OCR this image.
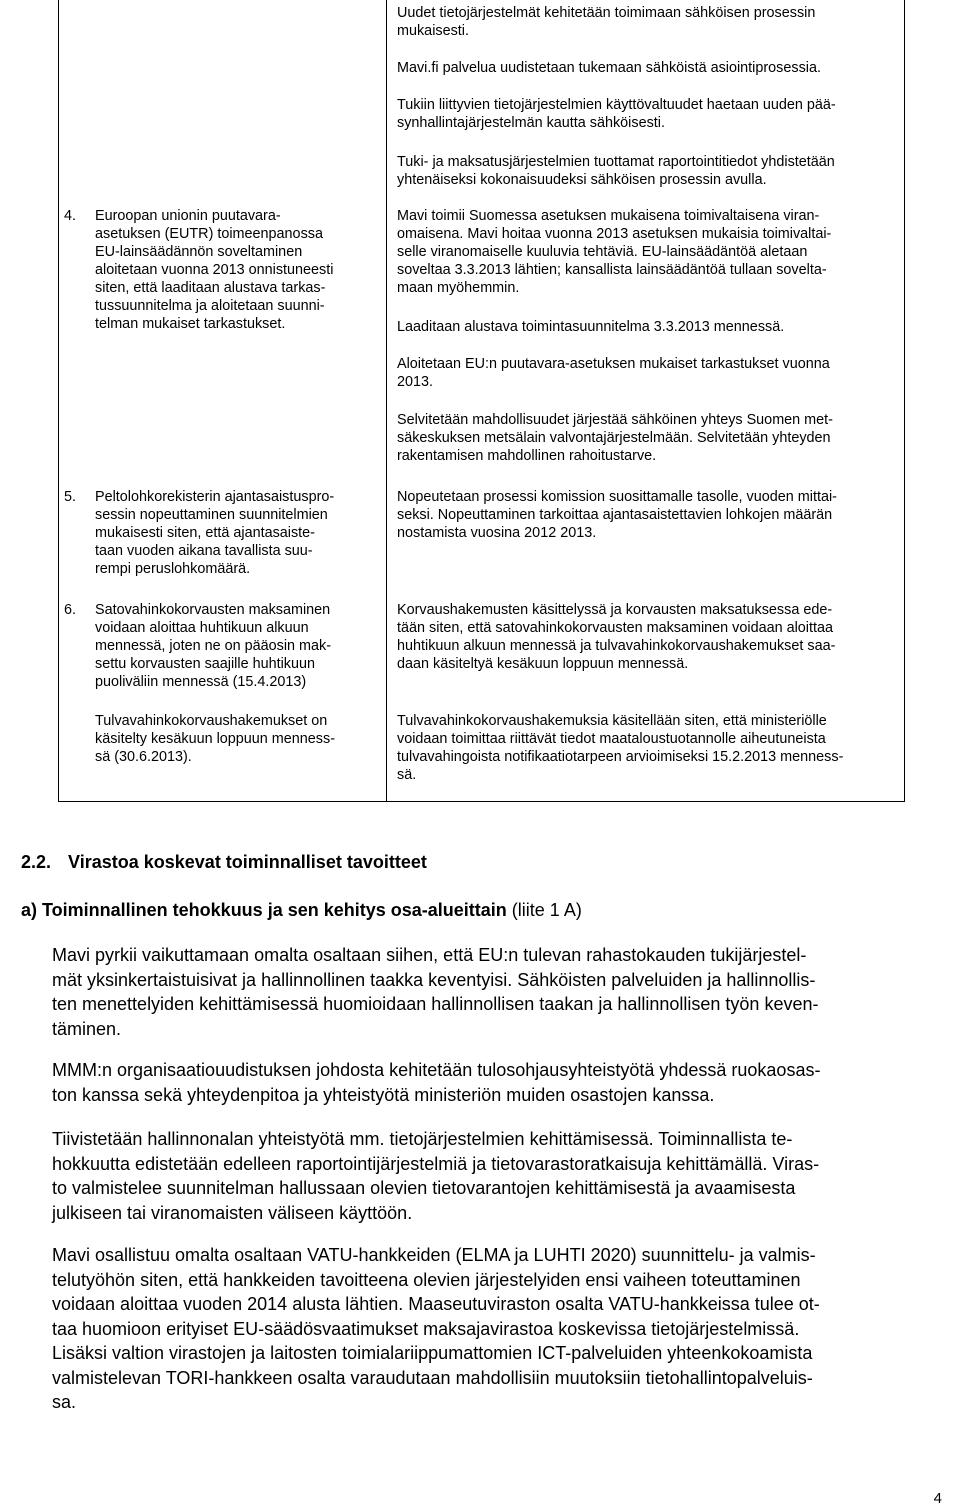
Uudet tietojärjestelmät kehitetään toimimaan sähköisen prosessin
mukaisesti.
Mavi.fi palvelua uudistetaan tukemaan sähköistä asiointiprosessia.
Tukiin liittyvien tietojärjestelmien käyttövaltuudet haetaan uuden pää-
synhallintajärjestelmän kautta sähköisesti.
Tuki- ja maksatusjärjestelmien tuottamat raportointitiedot yhdistetään
yhtenäiseksi kokonaisuudeksi sähköisen prosessin avulla.
4. Euroopan unionin puutavara-
asetuksen (EUTR) toimeenpanossa
EU-lainsäädännön soveltaminen
aloitetaan vuonna 2013 onnistuneesti
siten, että laaditaan alustava tarkas-
tussuunnitelma ja aloitetaan suunni-
telman mukaiset tarkastukset.
Mavi toimii Suomessa asetuksen mukaisena toimivaltaisena viran-
omaisena. Mavi hoitaa vuonna 2013 asetuksen mukaisia toimivaltai-
selle viranomaiselle kuuluvia tehtäviä. EU-lainsäädäntöä aletaan
soveltaa 3.3.2013 lähtien; kansallista lainsäädäntöä tullaan sovelta-
maan myöhemmin.
Laaditaan alustava toimintasuunnitelma 3.3.2013 mennessä.
Aloitetaan EU:n puutavara-asetuksen mukaiset tarkastukset vuonna
2013.
Selvitetään mahdollisuudet järjestää sähköinen yhteys Suomen met-
säkeskuksen metsälain valvontajärjestelmään. Selvitetään yhteyden
rakentamisen mahdollinen rahoitustarve.
5. Peltolohkorekisterin ajantasaistuspro-
sessin nopeuttaminen suunnitelmien
mukaisesti siten, että ajantasaiste-
taan vuoden aikana tavallista suu-
rempi peruslohkomäärä.
Nopeutetaan prosessi komission suosittamalle tasolle, vuoden mittai-
seksi. Nopeuttaminen tarkoittaa ajantasaistettavien lohkojen määrän
nostamista vuosina 2012 2013.
6. Satovahinkokorvausten maksaminen
voidaan aloittaa huhtikuun alkuun
mennessä, joten ne on pääosin mak-
settu korvausten saajille huhtikuun
puoliväliin mennessä (15.4.2013)
Tulvavahinkokorvaushakemukset on
käsitelty kesäkuun loppuun menness-
sä (30.6.2013).
Korvaushakemusten käsittelyssä ja korvausten maksatuksessa ede-
tään siten, että satovahinkokorvausten maksaminen voidaan aloittaa
huhtikuun alkuun mennessä ja tulvavahinkokorvaushakemukset saa-
daan käsiteltyä kesäkuun loppuun mennessä.
Tulvavahinkokorvaushakemuksia käsitellään siten, että ministeriölle
voidaan toimittaa riittävät tiedot maataloustuotannolle aiheutuneista
tulvavahingoista notifikaatiotarpeen arvioimiseksi 15.2.2013 menness-
sä.
2.2. Virastoa koskevat toiminnalliset tavoitteet
a) Toiminnallinen tehokkuus ja sen kehitys osa-alueittain (liite 1 A)
Mavi pyrkii vaikuttamaan omalta osaltaan siihen, että EU:n tulevan rahastokauden tukijärjestel-
mät yksinkertaistuisivat ja hallinnollinen taakka keventyisi. Sähköisten palveluiden ja hallinnollis-
ten menettelyiden kehittämisessä huomioidaan hallinnollisen taakan ja hallinnollisen työn keven-
täminen.
MMM:n organisaatiouudistuksen johdosta kehitetään tulosohjausyhteistyötä yhdessä ruokaosas-
ton kanssa sekä yhteydenpitoa ja yhteistyötä ministeriön muiden osastojen kanssa.
Tiivistetään hallinnonalan yhteistyötä mm. tietojärjestelmien kehittämisessä. Toiminnallista te-
hokkuutta edistetään edelleen raportointijärjestelmiä ja tietovarastoratkaisuja kehittämällä. Viras-
to valmistelee suunnitelman hallussaan olevien tietovarantojen kehittämisestä ja avaamisesta
julkiseen tai viranomaisten väliseen käyttöön.
Mavi osallistuu omalta osaltaan VATU-hankkeiden (ELMA ja LUHTI 2020) suunnittelu- ja valmis-
telutyöhön siten, että hankkeiden tavoitteena olevien järjestelyiden ensi vaiheen toteuttaminen
voidaan aloittaa vuoden 2014 alusta lähtien. Maaseutuviraston osalta VATU-hankkeissa tulee ot-
taa huomioon erityiset EU-säädösvaatimukset maksajavirastoa koskevissa tietojärjestelmissä.
Lisäksi valtion virastojen ja laitosten toimialariippumattomien ICT-palveluiden yhteenkokoamista
valmistelevan TORI-hankkeen osalta varaudutaan mahdollisiin muutoksiin tietohallintopalveluis-
sa.
4
